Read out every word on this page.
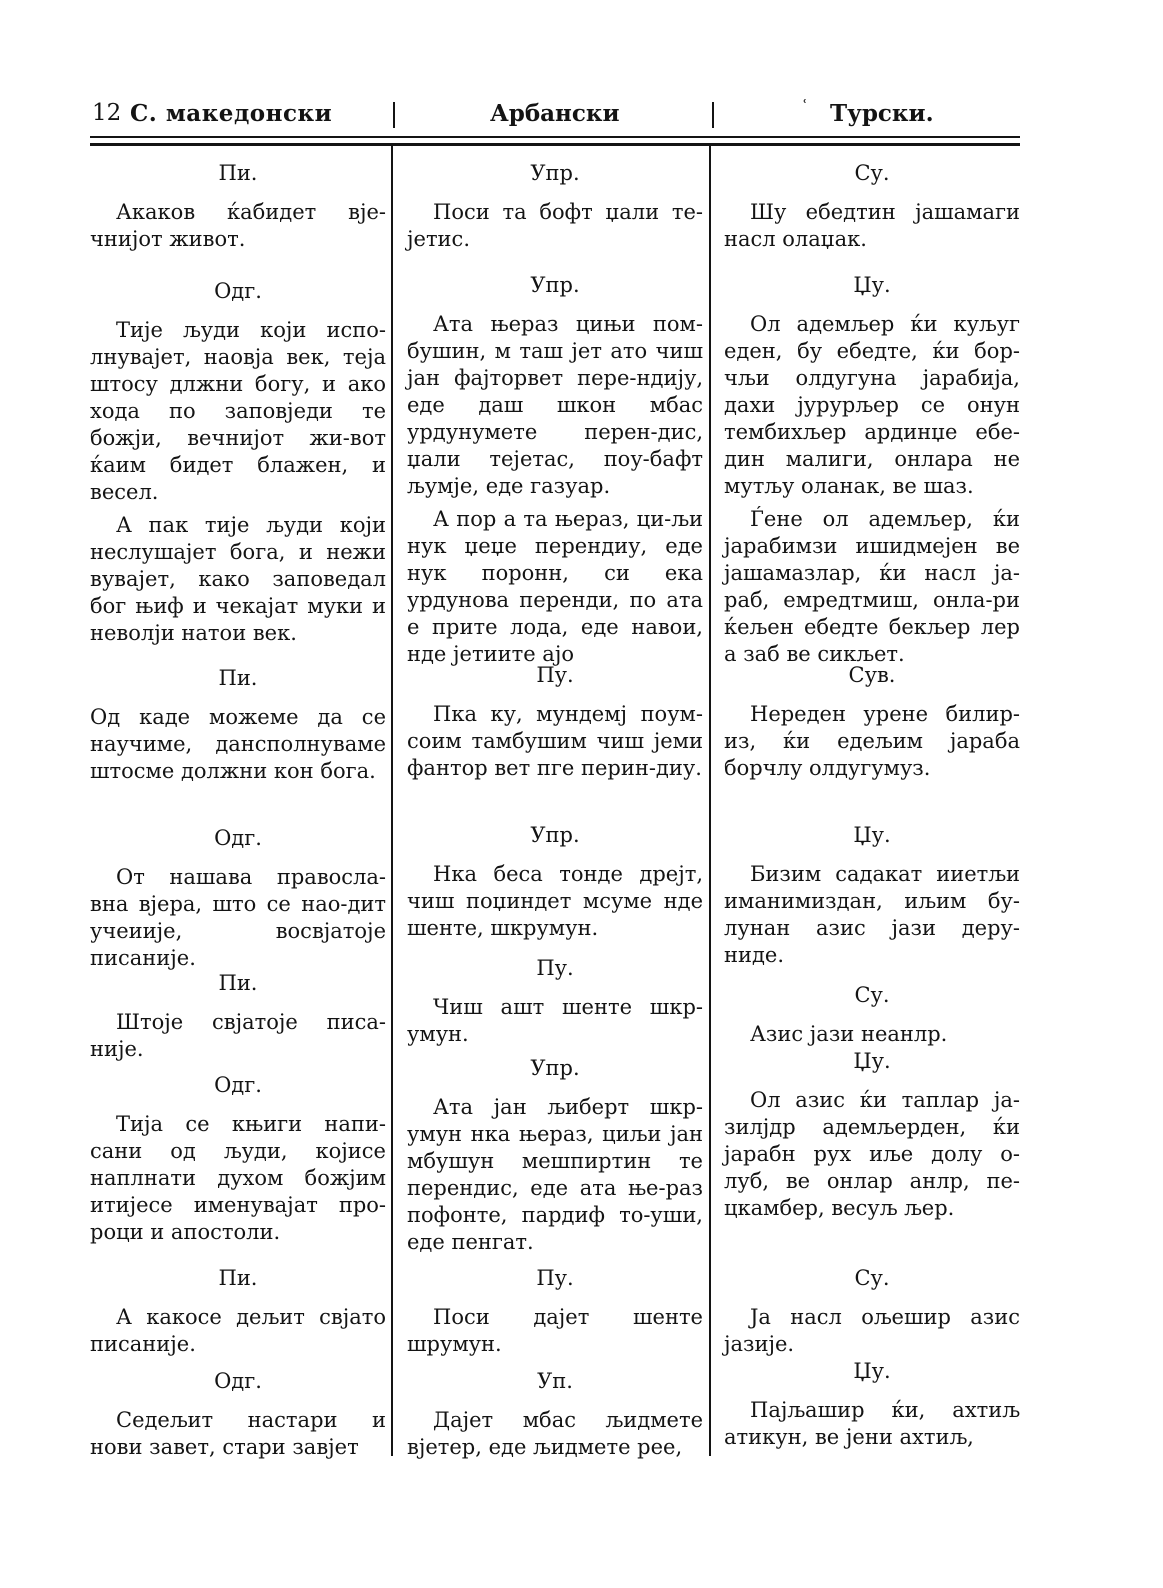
12 С. македонски	Арбански	ʿ Турски.
Пи.

Акаков ќабидет вје-чнијот живот.

Одг.

Тије људи који испо-лнувајет, наовја век, теја штосу длжни богу, и ако хода по заповједи те божји, вечнијот жи-вот ќаим бидет блажен, и весел.

А пак тије људи који неслушајет бога, и нежи вувајет, како заповедал бог њиф и чекајат муки и неволји натои век.

Пи.

Од каде можеме да се научиме, дансполнуваме штосме должни кон бога.

Одг.

От нашава правосла-вна вјера, што се нао-дит учеиије, восвјатоје писаније.

Пи.

Штоје свјатоје писа-није.

Одг.

Тија се књиги напи-сани од људи, којисе наплнати духом божјим итијесе именувајат про-роци и апостоли.

Пи.

А какосе дељит свјато писаније.

Одг.

Седељит настари и нови завет, стари завјет

Упр.

Поси та бофт џали те-јетис.

Упр.

Ата њераз цињи пом-бушин, м таш јет ато чиш јан фајторвет пере-ндију, еде даш шкон мбас урдунумете перен-дис, џали тејетас, поу-бафт љумје, еде газуар.

А пор а та њераз, ци-љи нук џеџе перендиу, еде нук поронн, си ека урдунова перенди, по ата е прите лода, еде навои, нде јетиите ајо

Пу.

Пка ку, мундемј поум-соим тамбушим чиш јеми фантор вет пге перин-диу.

Упр.

Нка беса тонде дрејт, чиш поџиндет мсуме нде шенте, шкрумун.

Пу.

Чиш ашт шенте шкр-умун.

Упр.

Ата јан љиберт шкр-умун нка њераз, циљи јан мбушун мешпиртин те перендис, еде ата ње-раз пофонте, пардиф то-уши, еде пенгат.

Пу.

Поси дајет шенте шрумун.

Уп.

Дајет мбас љидмете вјетер, еде љидмете рее,

Су.

Шу ебедтин јашамаги насл олаџак.

Џу.

Ол адемљер ќи куљуг еден, бу ебедте, ќи бор-чљи олдугуна јарабија, дахи јурурљер се онун тембихљер ардинџе ебе-дин малиги, онлара не мутљу оланак, ве шаз.

Ѓене ол адемљер, ќи јарабимзи ишидмејен ве јашамазлар, ќи насл ја-раб, емредтмиш, онла-ри ќељен ебедте бекљер лер а заб ве сикљет.

Сув.

Нереден урене билир-из, ќи едељим јараба борчлу олдугумуз.

Џу.

Бизим садакат ииетљи иманимиздан, иљим бу-лунан азис јази деру-ниде.

Су.

Азис јази неанлр.

Џу.

Ол азис ќи таплар ја-зилјдр адемљерден, ќи јарабн рух иље долу о-луб, ве онлар анлр, пе-цкамбер, весуљ љер.

Су.

Ја насл ољешир азис јазије.

Џу.

Пајљашир ќи, ахтиљ атикун, ве јени ахтиљ,
